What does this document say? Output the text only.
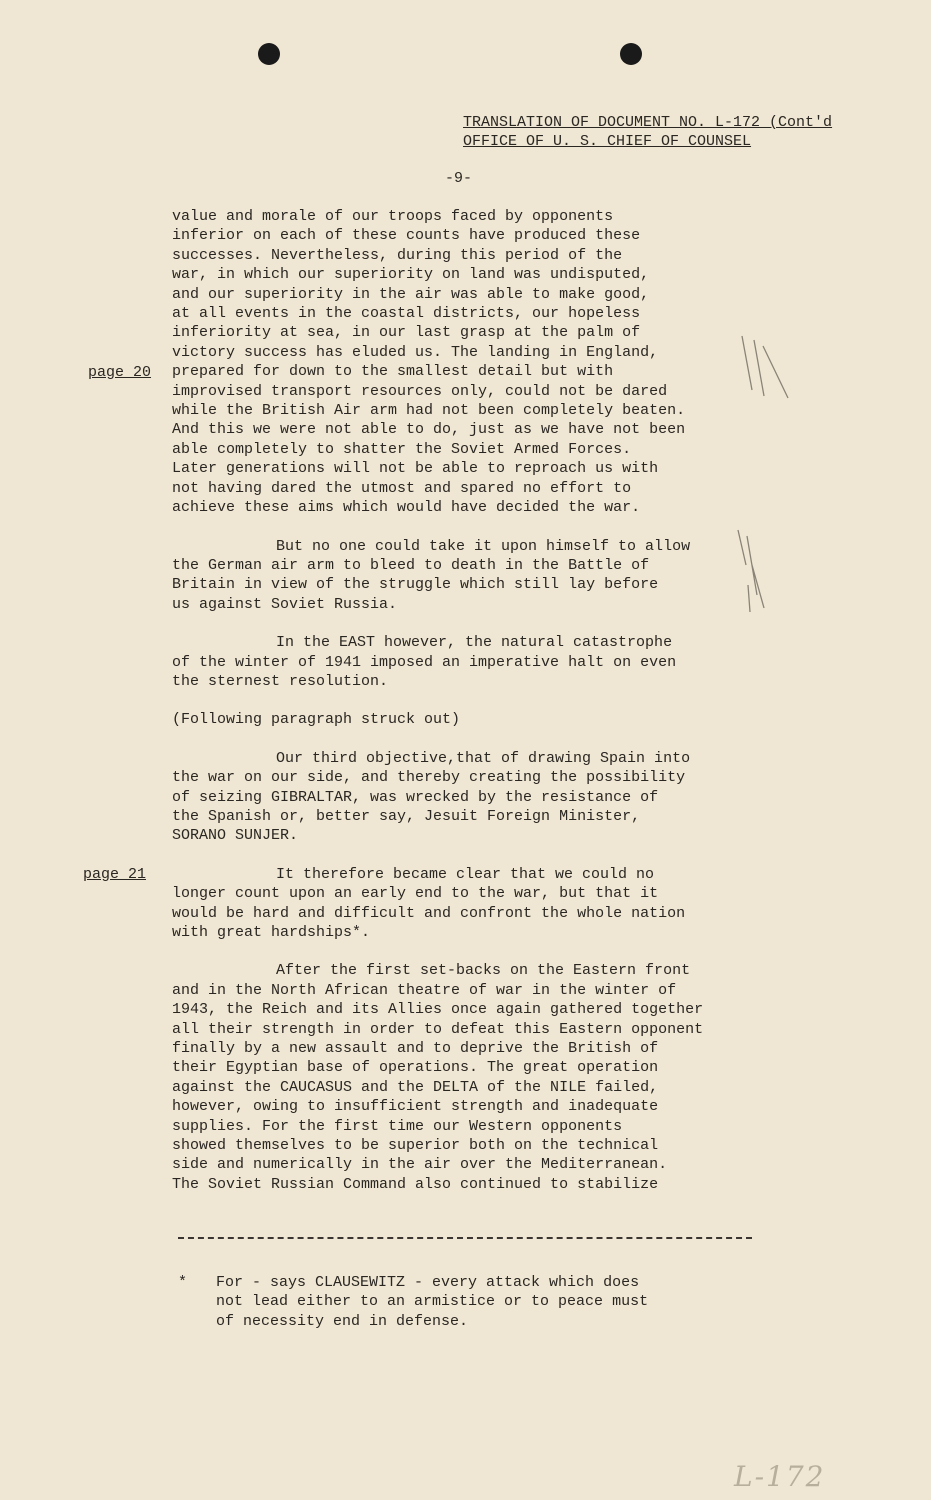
TRANSLATION OF DOCUMENT NO. L-172 (Cont'd
OFFICE OF U. S. CHIEF OF COUNSEL
-9-
page 20
page 21

value and morale of our troops faced by opponents
inferior on each of these counts have produced these
successes. Nevertheless, during this period of the
war, in which our superiority on land was undisputed,
and our superiority in the air was able to make good,
at all events in the coastal districts, our hopeless
inferiority at sea, in our last grasp at the palm of
victory success has eluded us. The landing in England,
prepared for down to the smallest detail but with
improvised transport resources only, could not be dared
while the British Air arm had not been completely beaten.
And this we were not able to do, just as we have not been
able completely to shatter the Soviet Armed Forces.
Later generations will not be able to reproach us with
not having dared the utmost and spared no effort to
achieve these aims which would have decided the war.

But no one could take it upon himself to allow
the German air arm to bleed to death in the Battle of
Britain in view of the struggle which still lay before
us against Soviet Russia.

In the EAST however, the natural catastrophe
of the winter of 1941 imposed an imperative halt on even
the sternest resolution.

(Following paragraph struck out)

Our third objective,that of drawing Spain into
the war on our side, and thereby creating the possibility
of seizing GIBRALTAR, was wrecked by the resistance of
the Spanish or, better say, Jesuit Foreign Minister,
SORANO SUNJER.

It therefore became clear that we could no
longer count upon an early end to the war, but that it
would be hard and difficult and confront the whole nation
with great hardships*.

After the first set-backs on the Eastern front
and in the North African theatre of war in the winter of
1943, the Reich and its Allies once again gathered together
all their strength in order to defeat this Eastern opponent
finally by a new assault and to deprive the British of
their Egyptian base of operations. The great operation
against the CAUCASUS and the DELTA of the NILE failed,
however, owing to insufficient strength and inadequate
supplies. For the first time our Western opponents
showed themselves to be superior both on the technical
side and numerically in the air over the Mediterranean.
The Soviet Russian Command also continued to stabilize

* For - says CLAUSEWITZ - every attack which does
not lead either to an armistice or to peace must
of necessity end in defense.
L-172
